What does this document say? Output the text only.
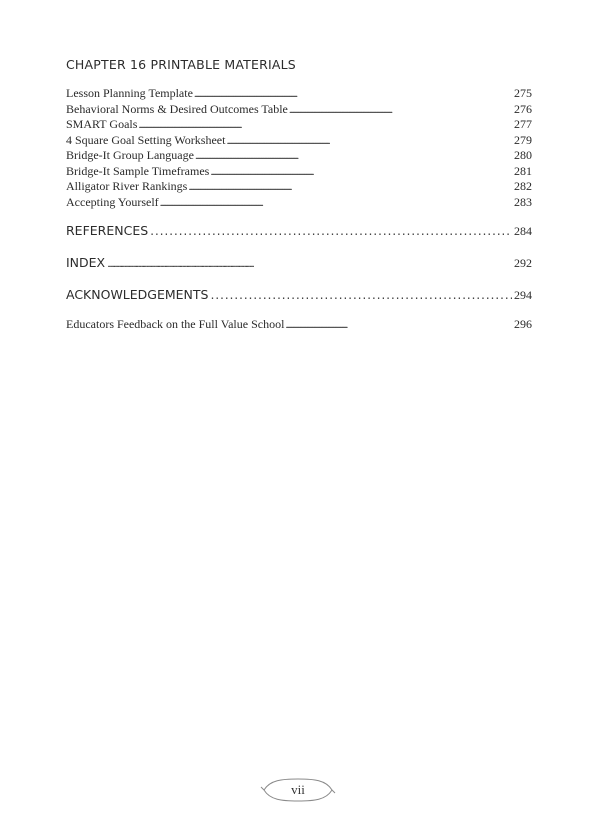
CHAPTER 16 PRINTABLE MATERIALS
Lesson Planning Template . . .	275
Behavioral Norms & Desired Outcomes Table . . .	276
SMART Goals . . .	277
4 Square Goal Setting Worksheet . . .	279
Bridge-It Group Language . . .	280
Bridge-It Sample Timeframes . . .	281
Alligator River Rankings . . .	282
Accepting Yourself . . .	283
REFERENCES . . .	284
INDEX . . .	292
ACKNOWLEDGEMENTS . . .	294
Educators Feedback on the Full Value School . . .	296
vii
